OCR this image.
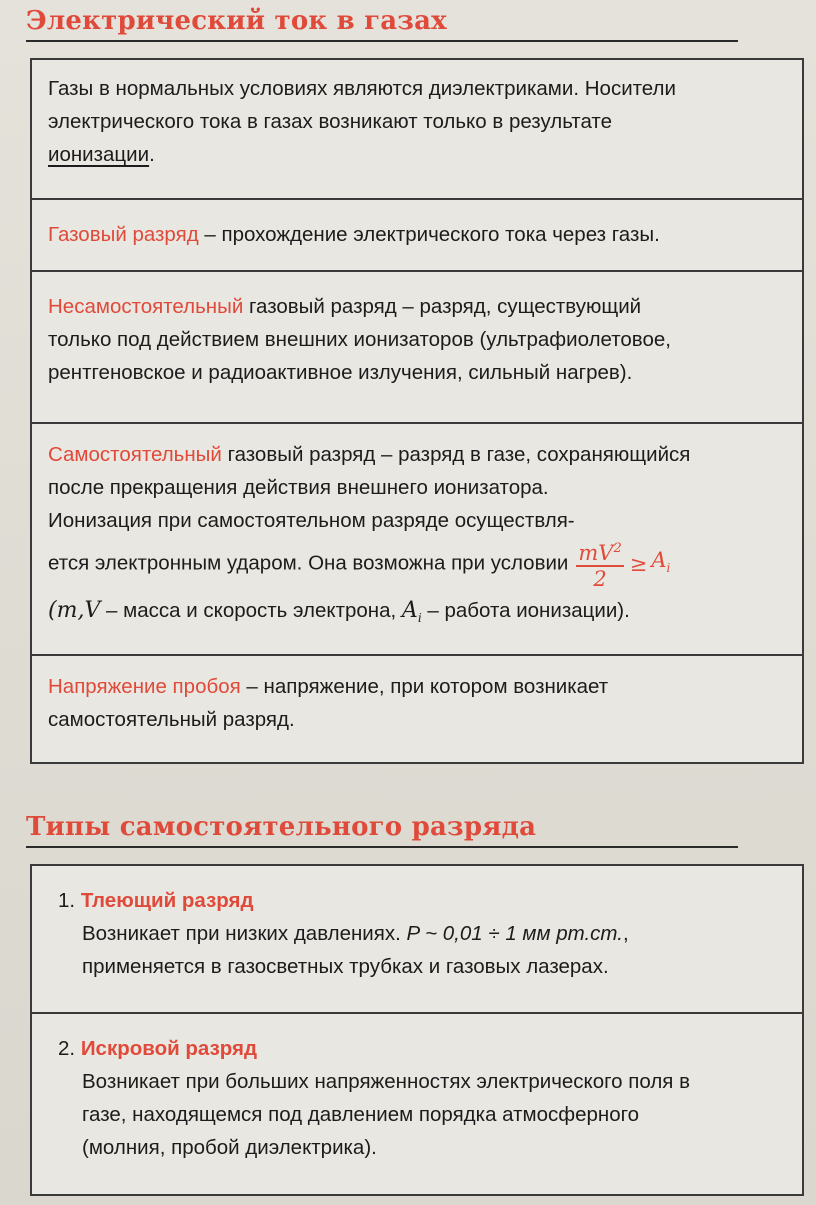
Электрический ток в газах

Газы в нормальных условиях являются диэлектриками. Носители

электрического тока в газах возникают только в результате

ионизации.

Газовый разряд – прохождение электрического тока через газы.

Несамостоятельный газовый разряд – разряд, существующий

только под действием внешних ионизаторов (ультрафиолетовое,

рентгеновское и радиоактивное излучения, сильный нагрев).

Самостоятельный газовый разряд – разряд в газе, сохраняющийся

после прекращения действия внешнего ионизатора.

Ионизация при самостоятельном разряде осуществля-

ется электронным ударом. Она возможна при условии $\frac{mV^2}{2} \ge A_i$

(m,V – масса и скорость электрона, $A_i$ – работа ионизации).

Напряжение пробоя – напряжение, при котором возникает

самостоятельный разряд.

Типы самостоятельного разряда

1. Тлеющий разряд

Возникает при низких давлениях. P ~ 0,01 ÷ 1 мм рт.ст.,

применяется в газосветных трубках и газовых лазерах.

2. Искровой разряд

Возникает при больших напряженностях электрического поля в

газе, находящемся под давлением порядка атмосферного

(молния, пробой диэлектрика).
